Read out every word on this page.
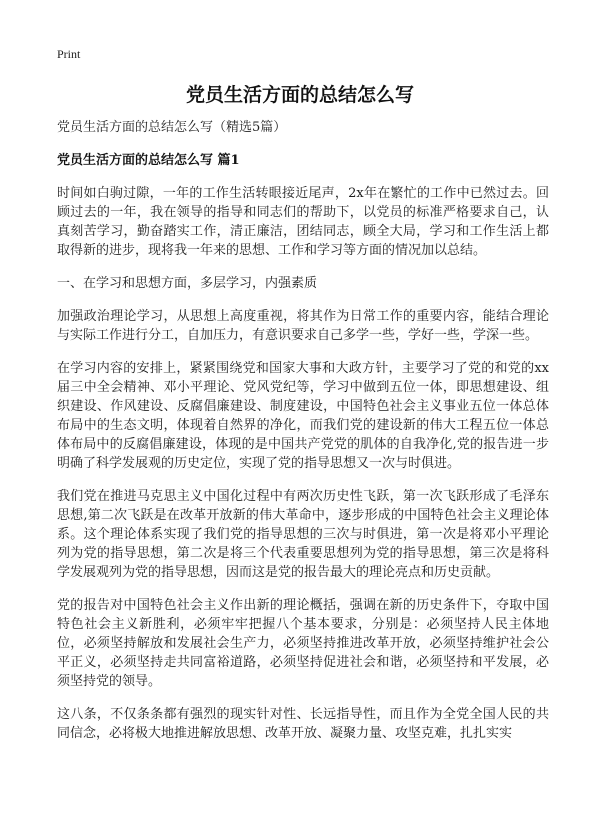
Print
党员生活方面的总结怎么写

党员生活方面的总结怎么写（精选5篇）

党员生活方面的总结怎么写 篇1

时间如白驹过隙，一年的工作生活转眼接近尾声，2x年在繁忙的工作中已然过去。回顾过去的一年，我在领导的指导和同志们的帮助下，以党员的标准严格要求自己，认真刻苦学习，勤奋踏实工作，清正廉洁，团结同志，顾全大局，学习和工作生活上都取得新的进步，现将我一年来的思想、工作和学习等方面的情况加以总结。

一、在学习和思想方面，多层学习，内强素质

加强政治理论学习，从思想上高度重视，将其作为日常工作的重要内容，能结合理论与实际工作进行分工，自加压力，有意识要求自己多学一些，学好一些，学深一些。

在学习内容的安排上，紧紧围绕党和国家大事和大政方针，主要学习了党的和党的xx届三中全会精神、邓小平理论、党风党纪等，学习中做到五位一体，即思想建设、组织建设、作风建设、反腐倡廉建设、制度建设，中国特色社会主义事业五位一体总体布局中的生态文明，体现着自然界的净化，而我们党的建设新的伟大工程五位一体总体布局中的反腐倡廉建设，体现的是中国共产党党的肌体的自我净化,党的报告进一步明确了科学发展观的历史定位，实现了党的指导思想又一次与时俱进。

我们党在推进马克思主义中国化过程中有两次历史性飞跃，第一次飞跃形成了毛泽东思想,第二次飞跃是在改革开放新的伟大革命中，逐步形成的中国特色社会主义理论体系。这个理论体系实现了我们党的指导思想的三次与时俱进，第一次是将邓小平理论列为党的指导思想，第二次是将三个代表重要思想列为党的指导思想，第三次是将科学发展观列为党的指导思想，因而这是党的报告最大的理论亮点和历史贡献。

党的报告对中国特色社会主义作出新的理论概括，强调在新的历史条件下，夺取中国特色社会主义新胜利，必须牢牢把握八个基本要求，分别是：必须坚持人民主体地位，必须坚持解放和发展社会生产力，必须坚持推进改革开放，必须坚持维护社会公平正义，必须坚持走共同富裕道路，必须坚持促进社会和谐，必须坚持和平发展，必须坚持党的领导。

这八条，不仅条条都有强烈的现实针对性、长远指导性，而且作为全党全国人民的共同信念，必将极大地推进解放思想、改革开放、凝聚力量、攻坚克难，扎扎实实
